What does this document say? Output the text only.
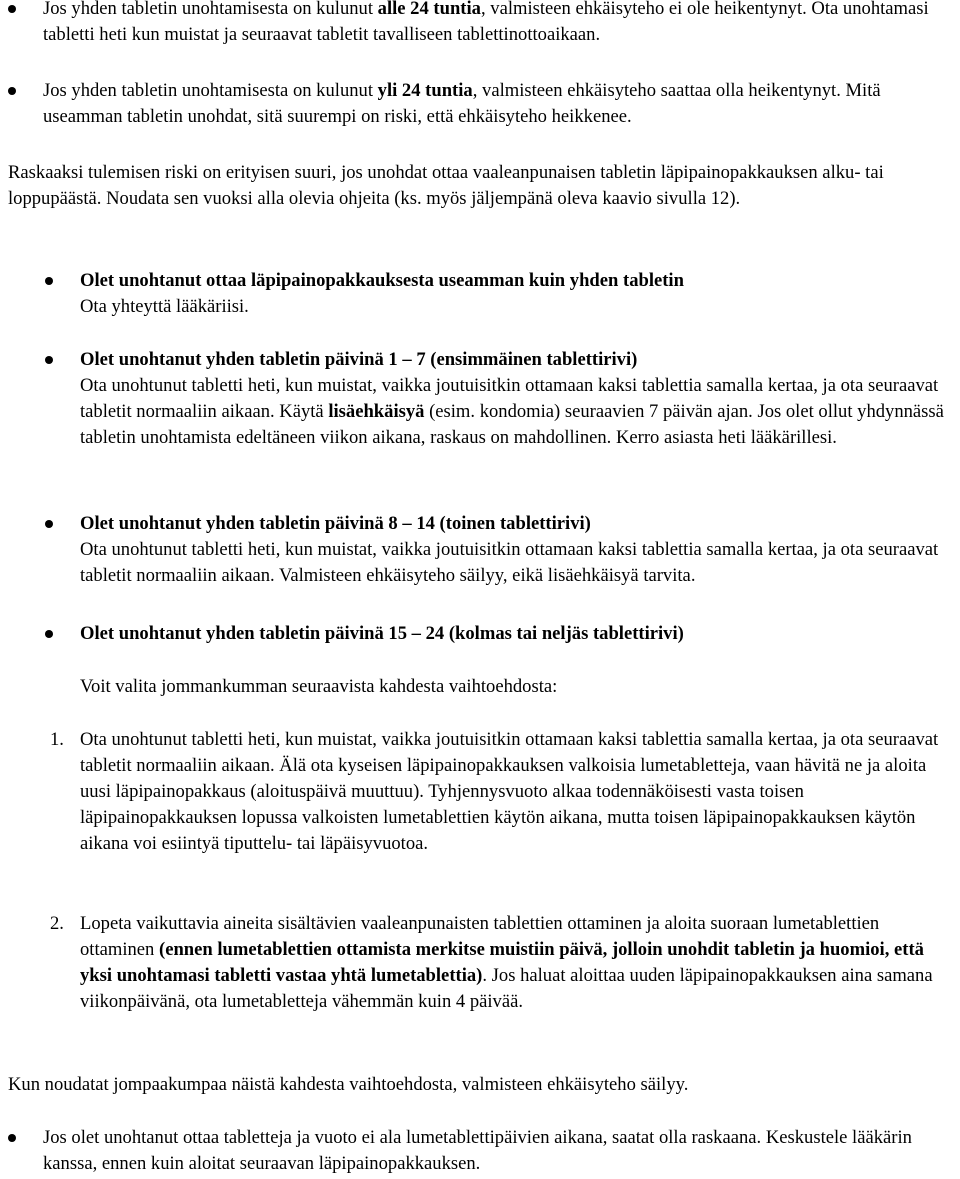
Jos yhden tabletin unohtamisesta on kulunut alle 24 tuntia, valmisteen ehkäisyteho ei ole heikentynyt. Ota unohtamasi tabletti heti kun muistat ja seuraavat tabletit tavalliseen tablettinottoaikaan.

Jos yhden tabletin unohtamisesta on kulunut yli 24 tuntia, valmisteen ehkäisyteho saattaa olla heikentynyt. Mitä useamman tabletin unohdat, sitä suurempi on riski, että ehkäisyteho heikkenee.

Raskaaksi tulemisen riski on erityisen suuri, jos unohdat ottaa vaaleanpunaisen tabletin läpipainopakkauksen alku- tai loppupäästä. Noudata sen vuoksi alla olevia ohjeita (ks. myös jäljempänä oleva kaavio sivulla 12).

Olet unohtanut ottaa läpipainopakkauksesta useamman kuin yhden tabletin

Ota yhteyttä lääkäriisi.

Olet unohtanut yhden tabletin päivinä 1 – 7 (ensimmäinen tablettirivi)

Ota unohtunut tabletti heti, kun muistat, vaikka joutuisitkin ottamaan kaksi tablettia samalla kertaa, ja ota seuraavat tabletit normaaliin aikaan. Käytä lisäehkäisyä (esim. kondomia) seuraavien 7 päivän ajan. Jos olet ollut yhdynnässä tabletin unohtamista edeltäneen viikon aikana, raskaus on mahdollinen. Kerro asiasta heti lääkärillesi.

Olet unohtanut yhden tabletin päivinä 8 – 14 (toinen tablettirivi)

Ota unohtunut tabletti heti, kun muistat, vaikka joutuisitkin ottamaan kaksi tablettia samalla kertaa, ja ota seuraavat tabletit normaaliin aikaan. Valmisteen ehkäisyteho säilyy, eikä lisäehkäisyä tarvita.

Olet unohtanut yhden tabletin päivinä 15 – 24 (kolmas tai neljäs tablettirivi)

Voit valita jommankumman seuraavista kahdesta vaihtoehdosta:

1. Ota unohtunut tabletti heti, kun muistat, vaikka joutuisitkin ottamaan kaksi tablettia samalla kertaa, ja ota seuraavat tabletit normaaliin aikaan. Älä ota kyseisen läpipainopakkauksen valkoisia lumetabletteja, vaan hävitä ne ja aloita uusi läpipainopakkaus (aloituspäivä muuttuu). Tyhjennysvuoto alkaa todennäköisesti vasta toisen läpipainopakkauksen lopussa valkoisten lumetablettien käytön aikana, mutta toisen läpipainopakkauksen käytön aikana voi esiintyä tiputtelu- tai läpäisyvuotoa.

2. Lopeta vaikuttavia aineita sisältävien vaaleanpunaisten tablettien ottaminen ja aloita suoraan lumetablettien ottaminen (ennen lumetablettien ottamista merkitse muistiin päivä, jolloin unohdit tabletin ja huomioi, että yksi unohtamasi tabletti vastaa yhtä lumetablettia). Jos haluat aloittaa uuden läpipainopakkauksen aina samana viikonpäivänä, ota lumetabletteja vähemmän kuin 4 päivää.

Kun noudatat jompaakumpaa näistä kahdesta vaihtoehdosta, valmisteen ehkäisyteho säilyy.

Jos olet unohtanut ottaa tabletteja ja vuoto ei ala lumetablettipäivien aikana, saatat olla raskaana. Keskustele lääkärin kanssa, ennen kuin aloitat seuraavan läpipainopakkauksen.
